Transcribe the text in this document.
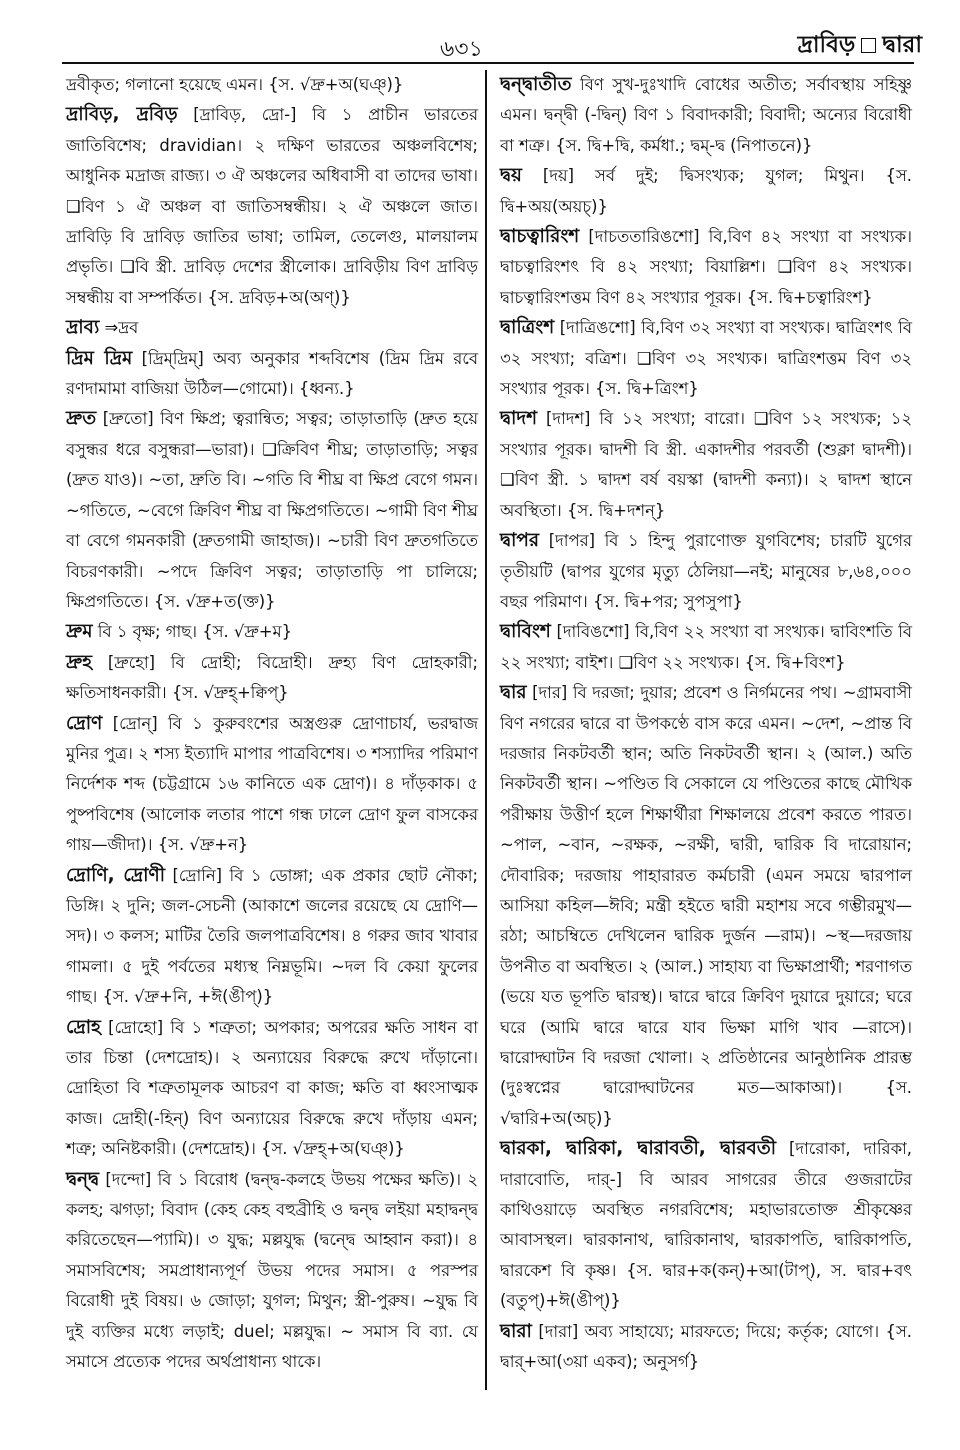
৬৩১	দ্রাবিড় দ্বারা

দ্রবীকৃত; গলানো হয়েছে এমন। {স. √দ্রু+অ(ঘঞ্)}

দ্রাবিড়, দ্রবিড় [দ্রাবিড়, দ্রো-] বি ১ প্রাচীন ভারতের জাতিবিশেষ; dravidian। ২ দক্ষিণ ভারতের অঞ্চলবিশেষ; আধুনিক মদ্রাজ রাজ্য। ৩ ঐ অঞ্চলের অধিবাসী বা তাদের ভাষা। ❑বিণ ১ ঐ অঞ্চল বা জাতিসম্বন্ধীয়। ২ ঐ অঞ্চলে জাত। দ্রাবিড়ি বি দ্রাবিড় জাতির ভাষা; তামিল, তেলেগু, মালয়ালম প্রভৃতি। ❑বি স্ত্রী. দ্রাবিড় দেশের স্ত্রীলোক। দ্রাবিড়ীয় বিণ দ্রাবিড় সম্বন্ধীয় বা সম্পর্কিত। {স. দ্রবিড়+অ(অণ্)}

দ্রাব্য ⇒দ্রব

দ্রিম দ্রিম [দ্রিম্‌দ্রিম্] অব্য অনুকার শব্দবিশেষ (দ্রিম দ্রিম রবে রণদামামা বাজিয়া উঠিল—গোমো)। {ধ্বন্য.}

দ্রুত [দ্রুতো] বিণ ক্ষিপ্র; ত্বরান্বিত; সত্বর; তাড়াতাড়ি (দ্রুত হয়ে বসুন্ধর ধরে বসুন্ধরা—ভারা)। ❑ক্রিবিণ শীঘ্র; তাড়াতাড়ি; সত্বর (দ্রুত যাও)। ~তা, দ্রুতি বি। ~গতি বি শীঘ্র বা ক্ষিপ্র বেগে গমন। ~গতিতে, ~বেগে ক্রিবিণ শীঘ্র বা ক্ষিপ্রগতিতে। ~গামী বিণ শীঘ্র বা বেগে গমনকারী (দ্রুতগামী জাহাজ)। ~চারী বিণ দ্রুতগতিতে বিচরণকারী। ~পদে ক্রিবিণ সত্বর; তাড়াতাড়ি পা চালিয়ে; ক্ষিপ্রগতিতে। {স. √দ্রু+ত(ক্ত)}

দ্রুম বি ১ বৃক্ষ; গাছ। {স. √দ্রু+ম}

দ্রুহ [দ্রুহো] বি দ্রোহী; বিদ্রোহী। দ্রুহ্য বিণ দ্রোহকারী; ক্ষতিসাধনকারী। {স. √দ্রুহ্+ক্বিপ্}

দ্রোণ [দ্রোন্] বি ১ কুরুবংশের অস্ত্রগুরু দ্রোণাচার্য, ভরদ্বাজ মুনির পুত্র। ২ শস্য ইত্যাদি মাপার পাত্রবিশেষ। ৩ শস্যাদির পরিমাণ নির্দেশক শব্দ (চট্টগ্রামে ১৬ কানিতে এক দ্রোণ)। ৪ দাঁড়কাক। ৫ পুষ্পবিশেষ (আলোক লতার পাশে গন্ধ ঢালে দ্রোণ ফুল বাসকের গায়—জীদা)। {স. √দ্রু+ন}

দ্রোণি, দ্রোণী [দ্রোনি] বি ১ ডোঙ্গা; এক প্রকার ছোট নৌকা; ডিঙ্গি। ২ দুনি; জল-সেচনী (আকাশে জলের রয়েছে যে দ্রোণি—সদ)। ৩ কলস; মাটির তৈরি জলপাত্রবিশেষ। ৪ গরুর জাব খাবার গামলা। ৫ দুই পর্বতের মধ্যস্থ নিম্নভূমি। ~দল বি কেয়া ফুলের গাছ। {স. √দ্রু+নি, +ঈ(ঙীপ্)}

দ্রোহ [দ্রোহো] বি ১ শত্রুতা; অপকার; অপরের ক্ষতি সাধন বা তার চিন্তা (দেশদ্রোহ)। ২ অন্যায়ের বিরুদ্ধে রুখে দাঁড়ানো। দ্রোহিতা বি শত্রুতামূলক আচরণ বা কাজ; ক্ষতি বা ধ্বংসাত্মক কাজ। দ্রোহী(-হিন্) বিণ অন্যায়ের বিরুদ্ধে রুখে দাঁড়ায় এমন; শত্রু; অনিষ্টকারী। (দেশদ্রোহ)। {স. √দ্রুহ্+অ(ঘঞ্)}

দ্বন্দ্ব [দন্দো] বি ১ বিরোধ (দ্বন্দ্ব-কলহে উভয় পক্ষের ক্ষতি)। ২ কলহ; ঝগড়া; বিবাদ (কেহ কেহ বহুব্রীহি ও দ্বন্দ্ব লইয়া মহাদ্বন্দ্ব করিতেছেন—প্যামি)। ৩ যুদ্ধ; মল্লযুদ্ধ (দ্বন্দ্বে আহ্বান করা)। ৪ সমাসবিশেষ; সমপ্রাধান্যপূর্ণ উভয় পদের সমাস। ৫ পরস্পর বিরোধী দুই বিষয়। ৬ জোড়া; যুগল; মিথুন; স্ত্রী-পুরুষ। ~যুদ্ধ বি দুই ব্যক্তির মধ্যে লড়াই; duel; মল্লযুদ্ধ। ~ সমাস বি ব্যা. যে সমাসে প্রত্যেক পদের অর্থপ্রাধান্য থাকে।

দ্বন্দ্বাতীত বিণ সুখ-দুঃখাদি বোধের অতীত; সর্বাবস্থায় সহিষ্ণু এমন। দ্বন্দ্বী (-দ্বিন্) বিণ ১ বিবাদকারী; বিবাদী; অন্যের বিরোধী বা শত্রু। {স. দ্বি+দ্বি, কর্মধা.; দ্বম্-দ্ব (নিপাতনে)}

দ্বয় [দয়] সর্ব দুই; দ্বিসংখ্যক; যুগল; মিথুন। {স. দ্বি+অয়(অয়চ্)}

দ্বাচত্বারিংশ [দাচততারিঙশো] বি,বিণ ৪২ সংখ্যা বা সংখ্যক। দ্বাচত্বারিংশৎ বি ৪২ সংখ্যা; বিয়াল্লিশ। ❑বিণ ৪২ সংখ্যক। দ্বাচত্বারিংশত্তম বিণ ৪২ সংখ্যার পূরক। {স. দ্বি+চত্বারিংশ}

দ্বাত্রিংশ [দাত্রিঙশো] বি,বিণ ৩২ সংখ্যা বা সংখ্যক। দ্বাত্রিংশৎ বি ৩২ সংখ্যা; বত্রিশ। ❑বিণ ৩২ সংখ্যক। দ্বাত্রিংশত্তম বিণ ৩২ সংখ্যার পূরক। {স. দ্বি+ত্রিংশ}

দ্বাদশ [দাদশ] বি ১২ সংখ্যা; বারো। ❑বিণ ১২ সংখ্যক; ১২ সংখ্যার পূরক। দ্বাদশী বি স্ত্রী. একাদশীর পরবর্তী (শুক্লা দ্বাদশী)। ❑বিণ স্ত্রী. ১ দ্বাদশ বর্ষ বয়স্কা (দ্বাদশী কন্যা)। ২ দ্বাদশ স্থানে অবস্থিতা। {স. দ্বি+দশন্}

দ্বাপর [দাপর] বি ১ হিন্দু পুরাণোক্ত যুগবিশেষ; চারটি যুগের তৃতীয়টি (দ্বাপর যুগের মৃত্যু ঠেলিয়া—নই; মানুষের ৮,৬৪,০০০ বছর পরিমাণ। {স. দ্বি+পর; সুপসুপা}

দ্বাবিংশ [দাবিঙশো] বি,বিণ ২২ সংখ্যা বা সংখ্যক। দ্বাবিংশতি বি ২২ সংখ্যা; বাইশ। ❑বিণ ২২ সংখ্যক। {স. দ্বি+বিংশ}

দ্বার [দার] বি দরজা; দুয়ার; প্রবেশ ও নির্গমনের পথ। ~গ্রামবাসী বিণ নগরের দ্বারে বা উপকণ্ঠে বাস করে এমন। ~দেশ, ~প্রান্ত বি দরজার নিকটবর্তী স্থান; অতি নিকটবর্তী স্থান। ২ (আল.) অতি নিকটবর্তী স্থান। ~পণ্ডিত বি সেকালে যে পণ্ডিতের কাছে মৌখিক পরীক্ষায় উত্তীর্ণ হলে শিক্ষার্থীরা শিক্ষালয়ে প্রবেশ করতে পারত। ~পাল, ~বান, ~রক্ষক, ~রক্ষী, দ্বারী, দ্বারিক বি দারোয়ান; দৌবারিক; দরজায় পাহারারত কর্মচারী (এমন সময়ে দ্বারপাল আসিয়া কহিল—ঈবি; মন্ত্রী হইতে দ্বারী মহাশয় সবে গম্ভীরমুখ—রঠা; আচম্বিতে দেখিলেন দ্বারিক দুর্জন —রাম)। ~স্থ—দরজায় উপনীত বা অবস্থিত। ২ (আল.) সাহায্য বা ভিক্ষাপ্রার্থী; শরণাগত (ভয়ে যত ভূপতি দ্বারস্থ)। দ্বারে দ্বারে ক্রিবিণ দুয়ারে দুয়ারে; ঘরে ঘরে (আমি দ্বারে দ্বারে যাব ভিক্ষা মাগি খাব —রাসে)। দ্বারোদ্ঘাটন বি দরজা খোলা। ২ প্রতিষ্ঠানের আনুষ্ঠানিক প্রারম্ভ (দুঃস্বপ্নের দ্বারোদ্ঘাটনের মত—আকাআ)। {স. √দ্বারি+অ(অচ্)}

দ্বারকা, দ্বারিকা, দ্বারাবতী, দ্বারবতী [দারোকা, দারিকা, দারাবোতি, দার্-] বি আরব সাগরের তীরে গুজরাটের কাথিওয়াড়ে অবস্থিত নগরবিশেষ; মহাভারতোক্ত শ্রীকৃষ্ণের আবাসস্থল। দ্বারকানাথ, দ্বারিকানাথ, দ্বারকাপতি, দ্বারিকাপতি, দ্বারকেশ বি কৃষ্ণ। {স. দ্বার+ক(কন্)+আ(টাপ্), স. দ্বার+বৎ (বতুপ্)+ঈ(ঙীপ্)}

দ্বারা [দারা] অব্য সাহায্যে; মারফতে; দিয়ে; কর্তৃক; যোগে। {স. দ্বার্+আ(৩য়া একব); অনুসর্গ}
